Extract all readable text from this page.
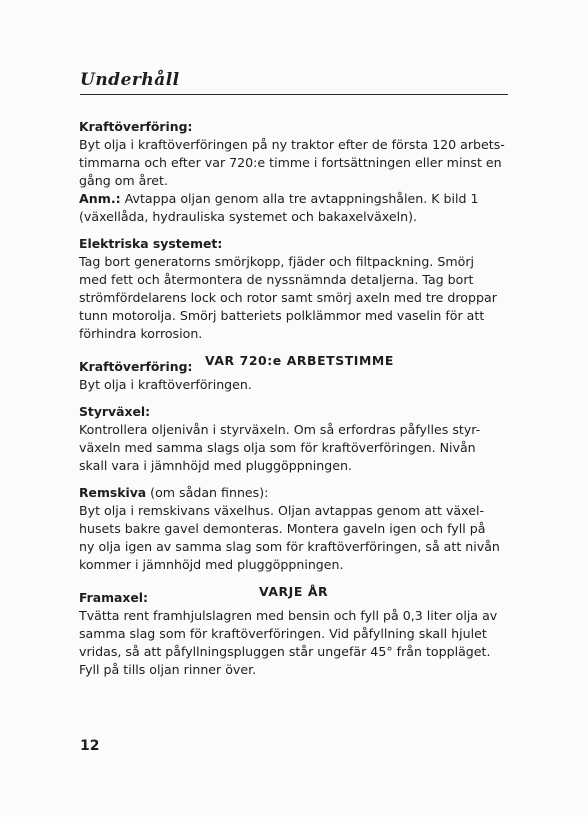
Underhåll

Kraftöverföring:

Byt olja i kraftöverföringen på ny traktor efter de första 120 arbets-

timmarna och efter var 720:e timme i fortsättningen eller minst en

gång om året.

Anm.: Avtappa oljan genom alla tre avtappningshålen. K bild 1

(växellåda, hydrauliska systemet och bakaxelväxeln).

Elektriska systemet:

Tag bort generatorns smörjkopp, fjäder och filtpackning. Smörj

med fett och återmontera de nyssnämnda detaljerna. Tag bort

strömfördelarens lock och rotor samt smörj axeln med tre droppar

tunn motorolja. Smörj batteriets polklämmor med vaselin för att

förhindra korrosion.

Kraftöverföring: VAR 720:e ARBETSTIMME

Byt olja i kraftöverföringen.

Styrväxel:

Kontrollera oljenivån i styrväxeln. Om så erfordras påfylles styr-

växeln med samma slags olja som för kraftöverföringen. Nivån

skall vara i jämnhöjd med pluggöppningen.

Remskiva (om sådan finnes):

Byt olja i remskivans växelhus. Oljan avtappas genom att växel-

husets bakre gavel demonteras. Montera gaveln igen och fyll på

ny olja igen av samma slag som för kraftöverföringen, så att nivån

kommer i jämnhöjd med pluggöppningen.

Framaxel:	VARJE ÅR

Tvätta rent framhjulslagren med bensin och fyll på 0,3 liter olja av

samma slag som för kraftöverföringen. Vid påfyllning skall hjulet

vridas, så att påfyllningspluggen står ungefär 45° från toppläget.

Fyll på tills oljan rinner över.

12
